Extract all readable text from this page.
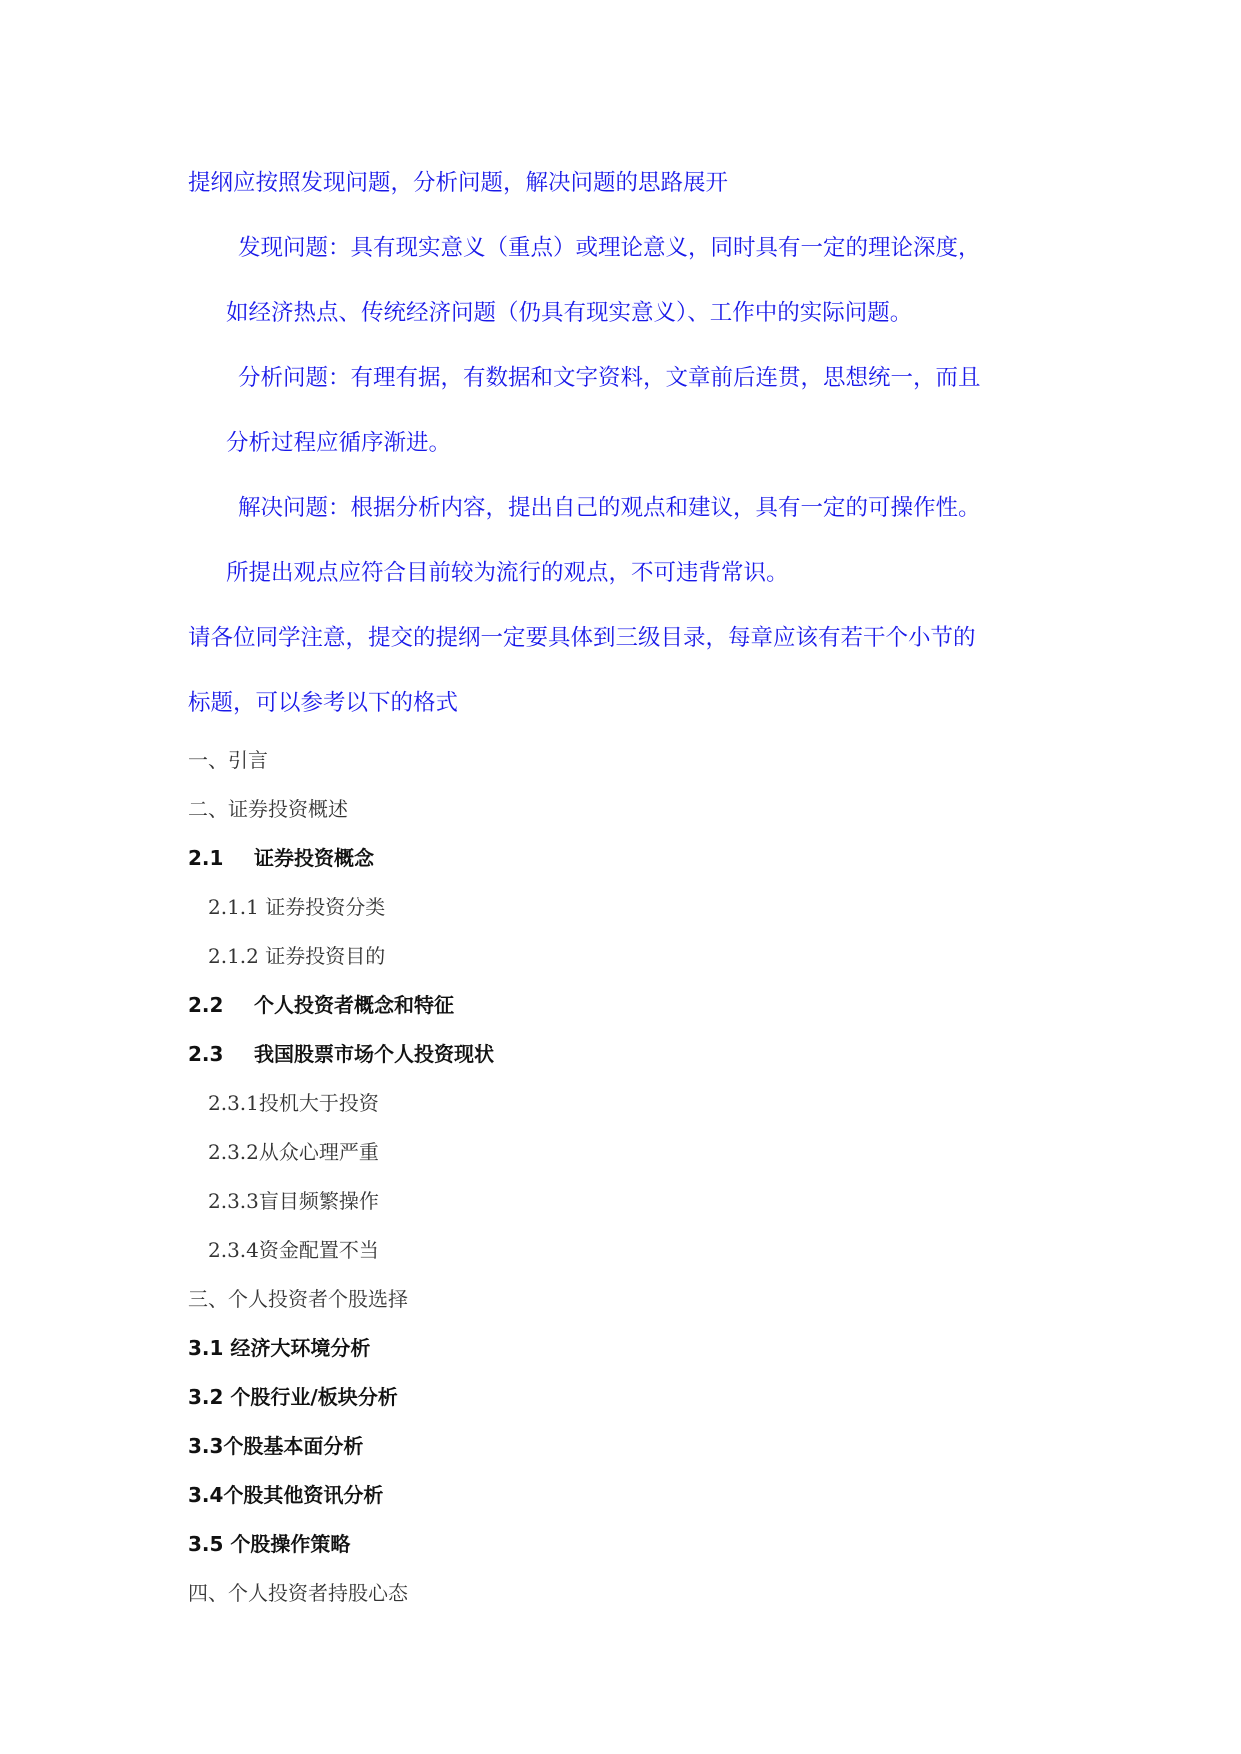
提纲应按照发现问题，分析问题，解决问题的思路展开
发现问题：具有现实意义（重点）或理论意义，同时具有一定的理论深度，
如经济热点、传统经济问题（仍具有现实意义）、工作中的实际问题。
分析问题：有理有据，有数据和文字资料，文章前后连贯，思想统一，而且
分析过程应循序渐进。
解决问题：根据分析内容，提出自己的观点和建议，具有一定的可操作性。
所提出观点应符合目前较为流行的观点，不可违背常识。
请各位同学注意，提交的提纲一定要具体到三级目录，每章应该有若干个小节的
标题，可以参考以下的格式
一、引言
二、证券投资概述
2.1 证券投资概念
2.1.1 证券投资分类
2.1.2 证券投资目的
2.2 个人投资者概念和特征
2.3 我国股票市场个人投资现状
2.3.1投机大于投资
2.3.2从众心理严重
2.3.3盲目频繁操作
2.3.4资金配置不当
三、个人投资者个股选择
3.1 经济大环境分析
3.2 个股行业/板块分析
3.3个股基本面分析
3.4个股其他资讯分析
3.5 个股操作策略
四、个人投资者持股心态
